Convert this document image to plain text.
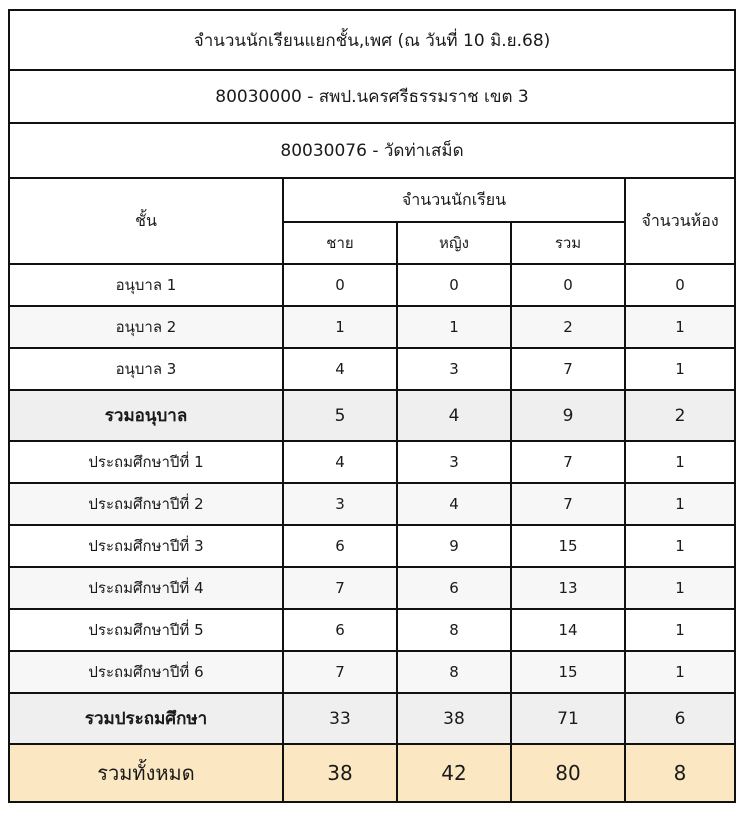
จำนวนนักเรียนแยกชั้น,เพศ (ณ วันที่ 10 มิ.ย.68)				
80030000 - สพป.นครศรีธรรมราช เขต 3				
80030076 - วัดท่าเสม็ด				
ชั้น	จำนวนนักเรียน			จำนวนห้อง
	ชาย	หญิง	รวม	
อนุบาล 1	0	0	0	0
อนุบาล 2	1	1	2	1
อนุบาล 3	4	3	7	1
รวมอนุบาล	5	4	9	2
ประถมศึกษาปีที่ 1	4	3	7	1
ประถมศึกษาปีที่ 2	3	4	7	1
ประถมศึกษาปีที่ 3	6	9	15	1
ประถมศึกษาปีที่ 4	7	6	13	1
ประถมศึกษาปีที่ 5	6	8	14	1
ประถมศึกษาปีที่ 6	7	8	15	1
รวมประถมศึกษา	33	38	71	6
รวมทั้งหมด	38	42	80	8
